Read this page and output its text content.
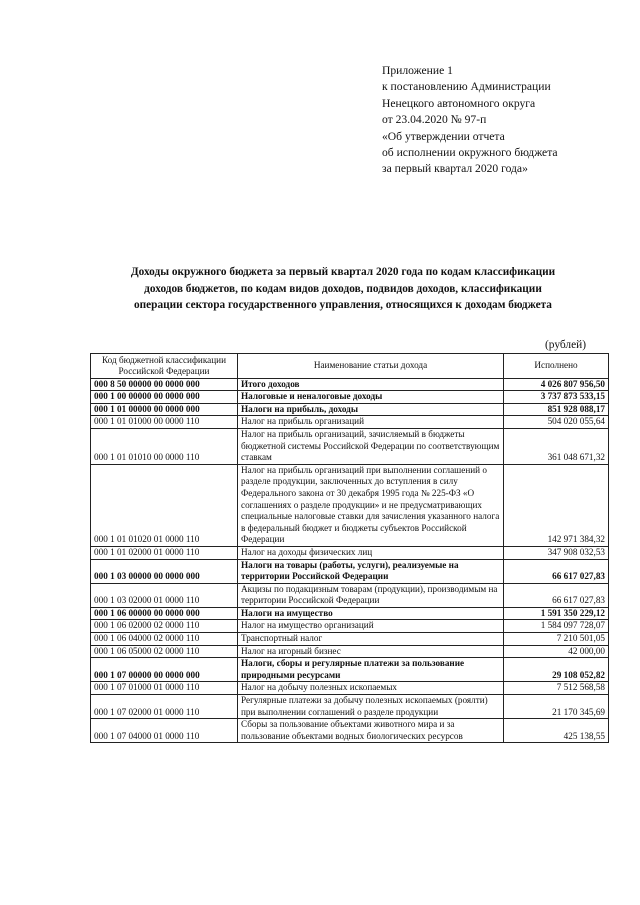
Приложение 1
к постановлению Администрации
Ненецкого автономного округа
от 23.04.2020 № 97-п
«Об утверждении отчета
об исполнении окружного бюджета
за первый квартал 2020 года»
Доходы окружного бюджета за первый квартал 2020 года по кодам классификации
доходов бюджетов, по кодам видов доходов, подвидов доходов, классификации
операции сектора государственного управления, относящихся к доходам бюджета
(рублей)
Код бюджетной классификации Российской Федерации	Наименование статьи дохода	Исполнено
000 8 50 00000 00 0000 000	Итого доходов	4 026 807 956,50
000 1 00 00000 00 0000 000	Налоговые и неналоговые доходы	3 737 873 533,15
000 1 01 00000 00 0000 000	Налоги на прибыль, доходы	851 928 088,17
000 1 01 01000 00 0000 110	Налог на прибыль организаций	504 020 055,64
000 1 01 01010 00 0000 110	Налог на прибыль организаций, зачисляемый в бюджеты бюджетной системы Российской Федерации по соответствующим ставкам	361 048 671,32
000 1 01 01020 01 0000 110	Налог на прибыль организаций при выполнении соглашений о разделе продукции, заключенных до вступления в силу Федерального закона от 30 декабря 1995 года № 225-ФЗ «О соглашениях о разделе продукции» и не предусматривающих специальные налоговые ставки для зачисления указанного налога в федеральный бюджет и бюджеты субъектов Российской Федерации	142 971 384,32
000 1 01 02000 01 0000 110	Налог на доходы физических лиц	347 908 032,53
000 1 03 00000 00 0000 000	Налоги на товары (работы, услуги), реализуемые на территории Российской Федерации	66 617 027,83
000 1 03 02000 01 0000 110	Акцизы по подакцизным товарам (продукции), производимым на территории Российской Федерации	66 617 027,83
000 1 06 00000 00 0000 000	Налоги на имущество	1 591 350 229,12
000 1 06 02000 02 0000 110	Налог на имущество организаций	1 584 097 728,07
000 1 06 04000 02 0000 110	Транспортный налог	7 210 501,05
000 1 06 05000 02 0000 110	Налог на игорный бизнес	42 000,00
000 1 07 00000 00 0000 000	Налоги, сборы и регулярные платежи за пользование природными ресурсами	29 108 052,82
000 1 07 01000 01 0000 110	Налог на добычу полезных ископаемых	7 512 568,58
000 1 07 02000 01 0000 110	Регулярные платежи за добычу полезных ископаемых (роялти) при выполнении соглашений о разделе продукции	21 170 345,69
000 1 07 04000 01 0000 110	Сборы за пользование объектами животного мира и за пользование объектами водных биологических ресурсов	425 138,55
